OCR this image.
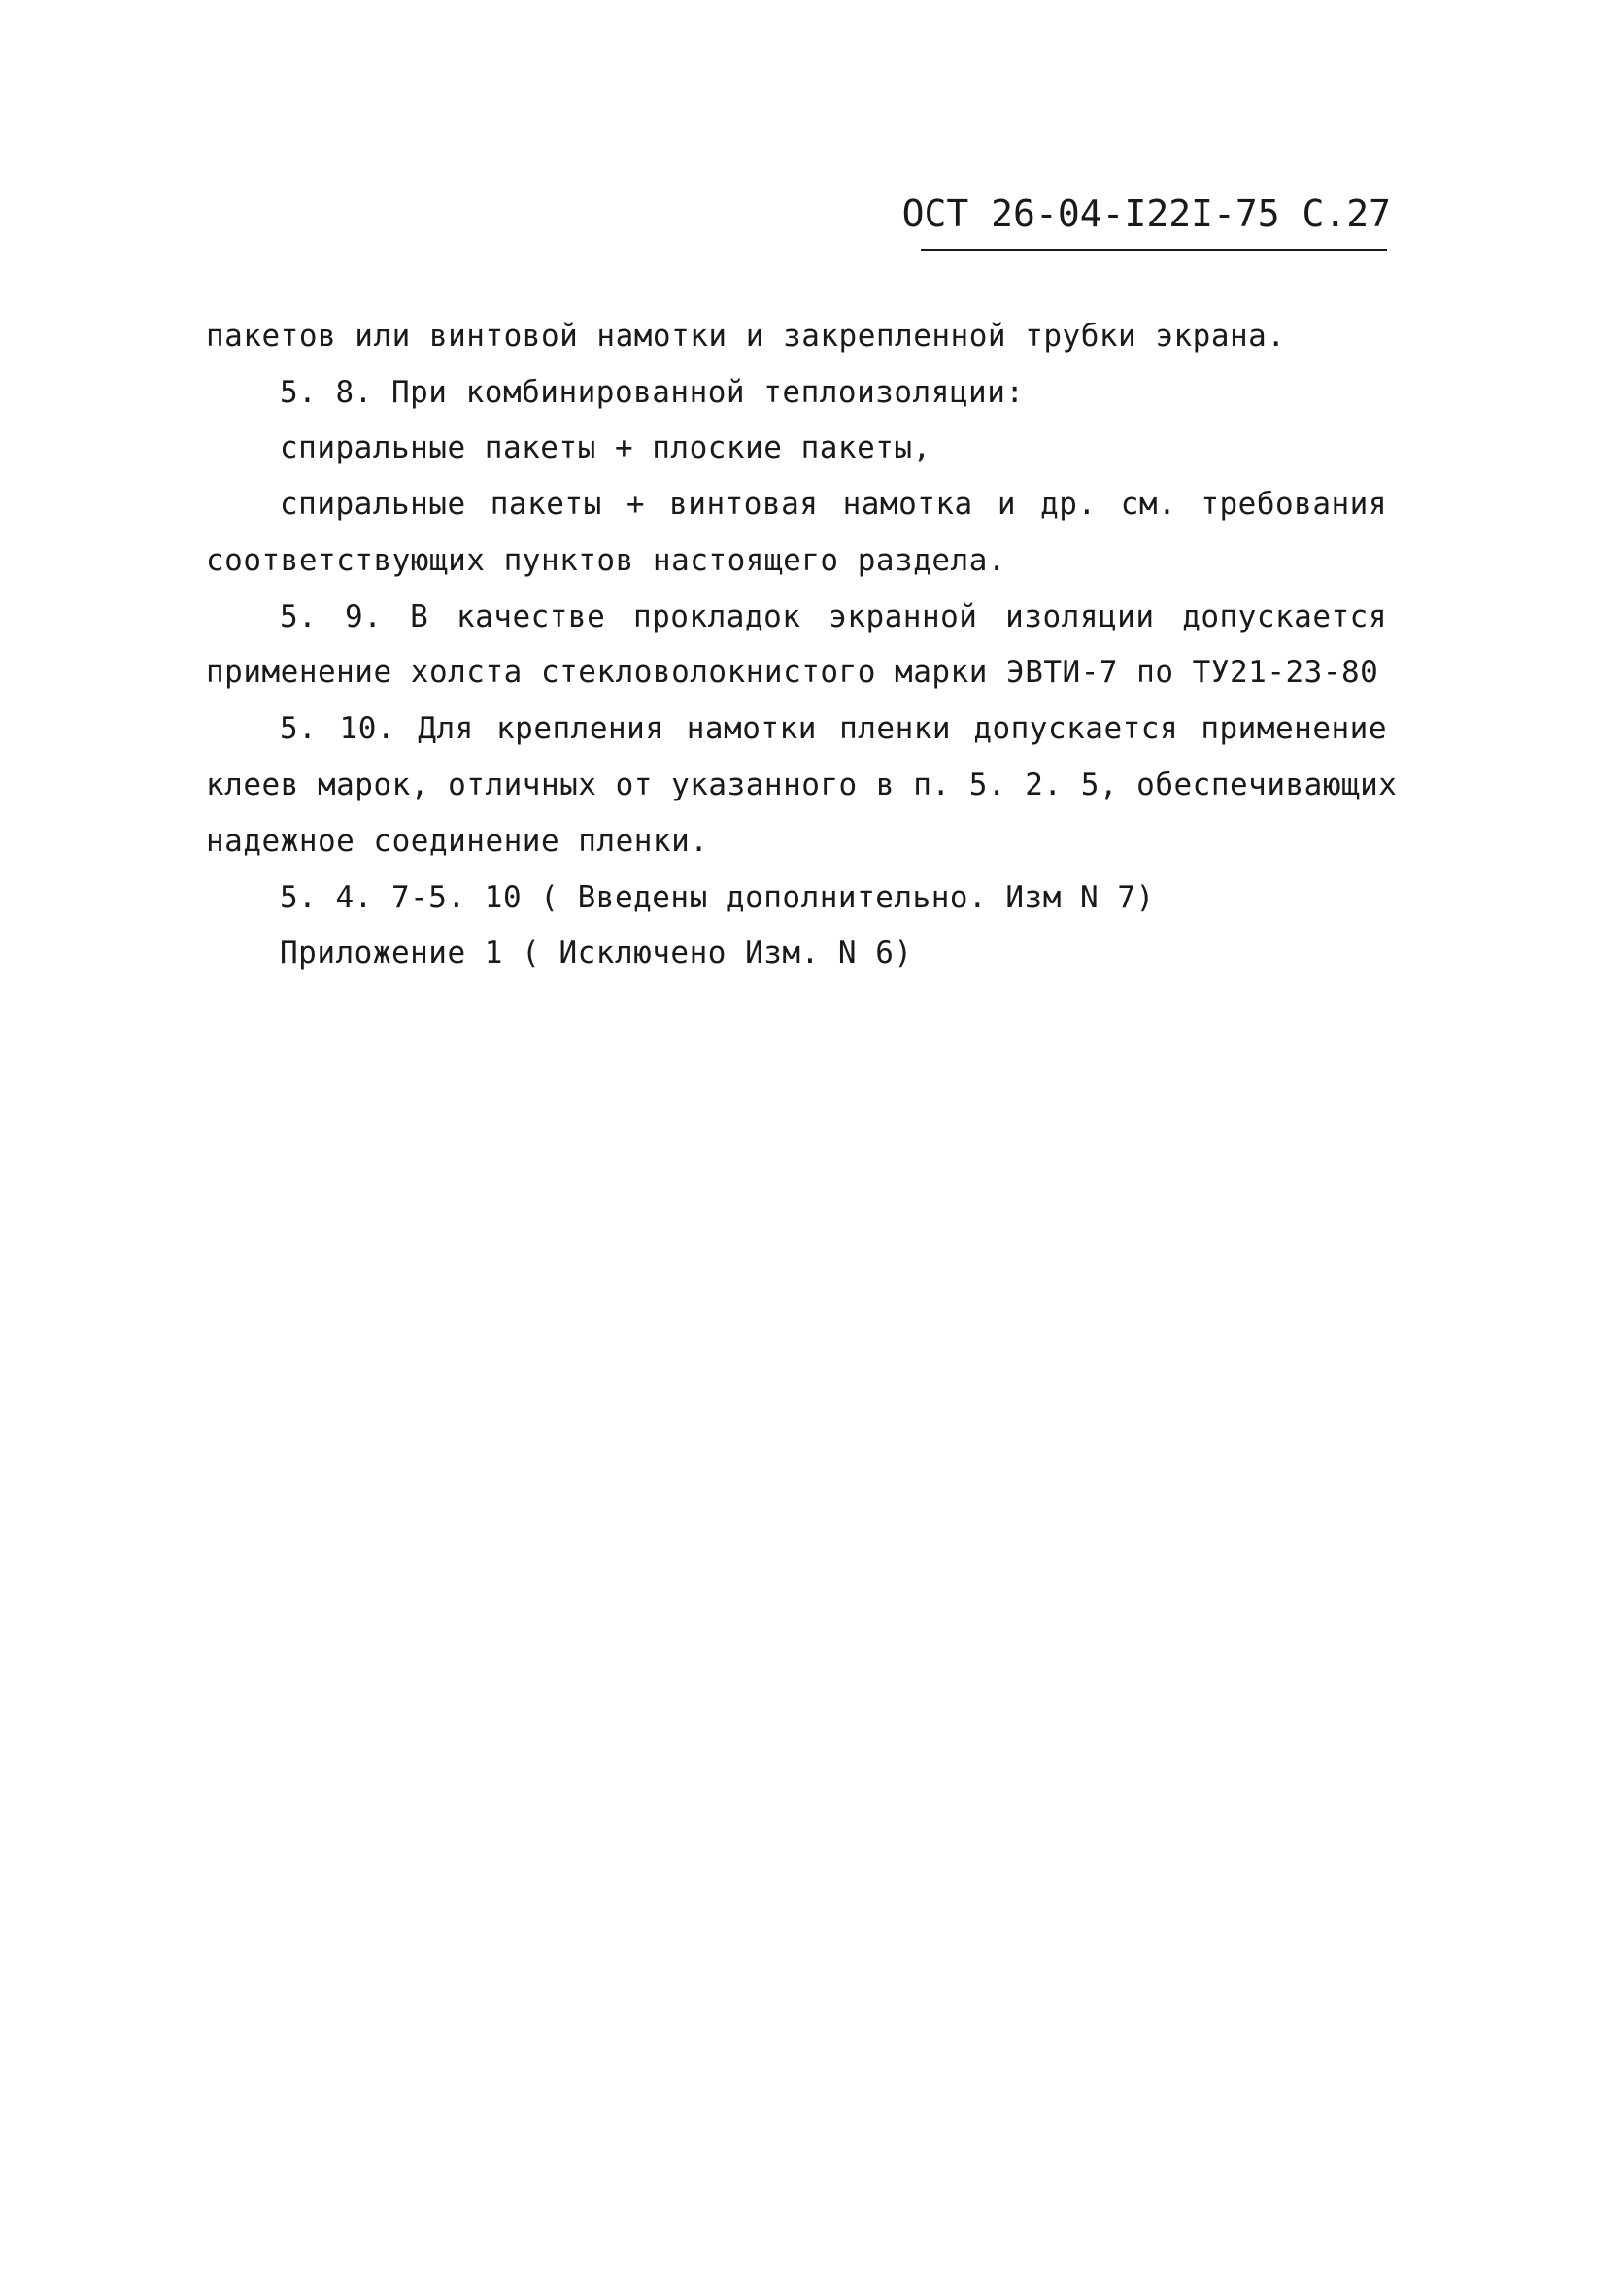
ОСТ 26-04-I22I-75 С.27
пакетов или винтовой намотки и закрепленной трубки экрана.
5. 8. При комбинированной теплоизоляции:
спиральные пакеты + плоские пакеты,
спиральные пакеты + винтовая намотка и др. см. требования
соответствующих пунктов настоящего раздела.
5. 9. В качестве прокладок экранной изоляции допускается
применение холста стекловолокнистого марки ЭВТИ-7 по ТУ21-23-80
5. 10. Для крепления намотки пленки допускается применение
клеев марок, отличных от указанного в п. 5. 2. 5, обеспечивающих
надежное соединение пленки.
5. 4. 7-5. 10 ( Введены дополнительно. Изм N 7)
Приложение 1 ( Исключено Изм. N 6)
